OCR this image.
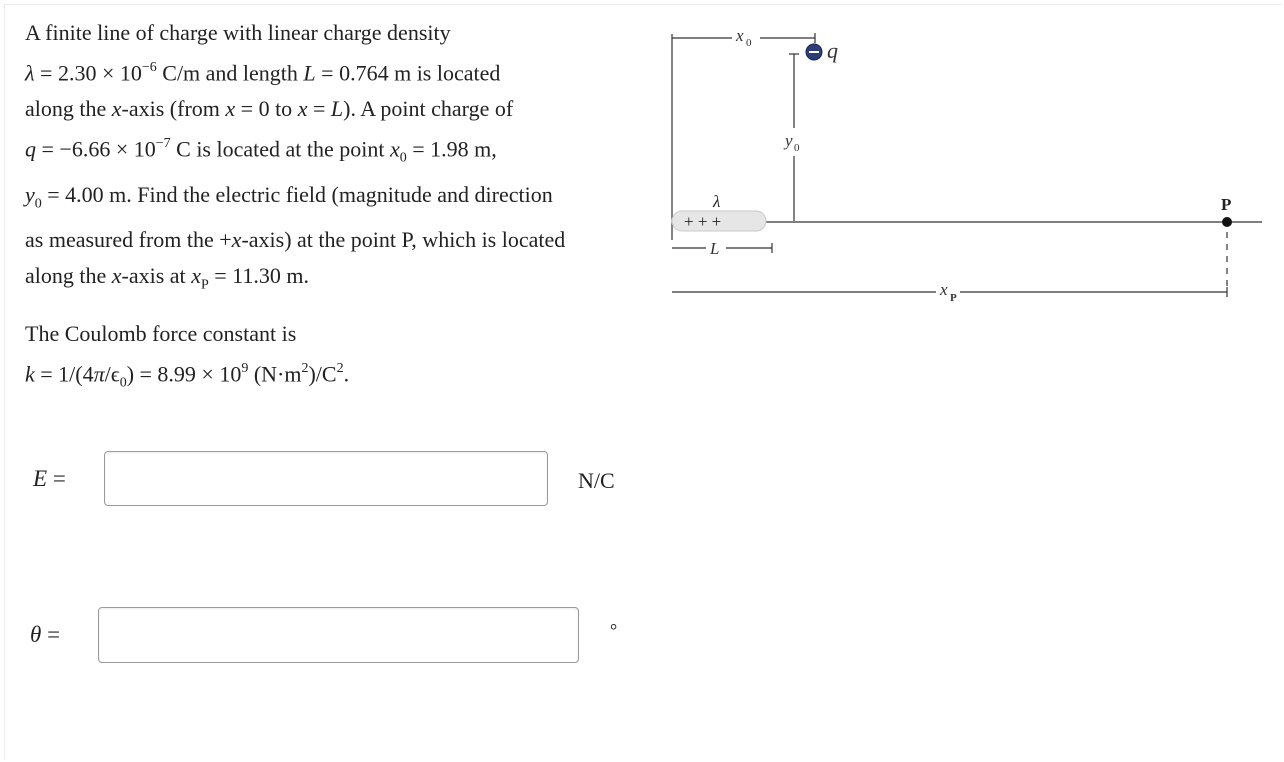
A finite line of charge with linear charge density

$\lambda = 2.30 \times 10^{-6}$ C/m and length L = 0.764 m is located

along the x-axis (from x = 0 to x = L). A point charge of

$q = -6.66 \times 10^{-7}$ C is located at the point $x_0 = 1.98$ m,

$y_0 = 4.00$ m. Find the electric field (magnitude and direction

as measured from the +x-axis) at the point P, which is located

along the x-axis at $x_P = 11.30$ m.

The Coulomb force constant is

$k = 1/(4\pi/\epsilon_0) = 8.99 \times 10^9$ $(N\cdot m^2)/C^2$.

E =	N/C
θ =	°
x 0
y 0
q
+ + +
λ
L
P
x P
